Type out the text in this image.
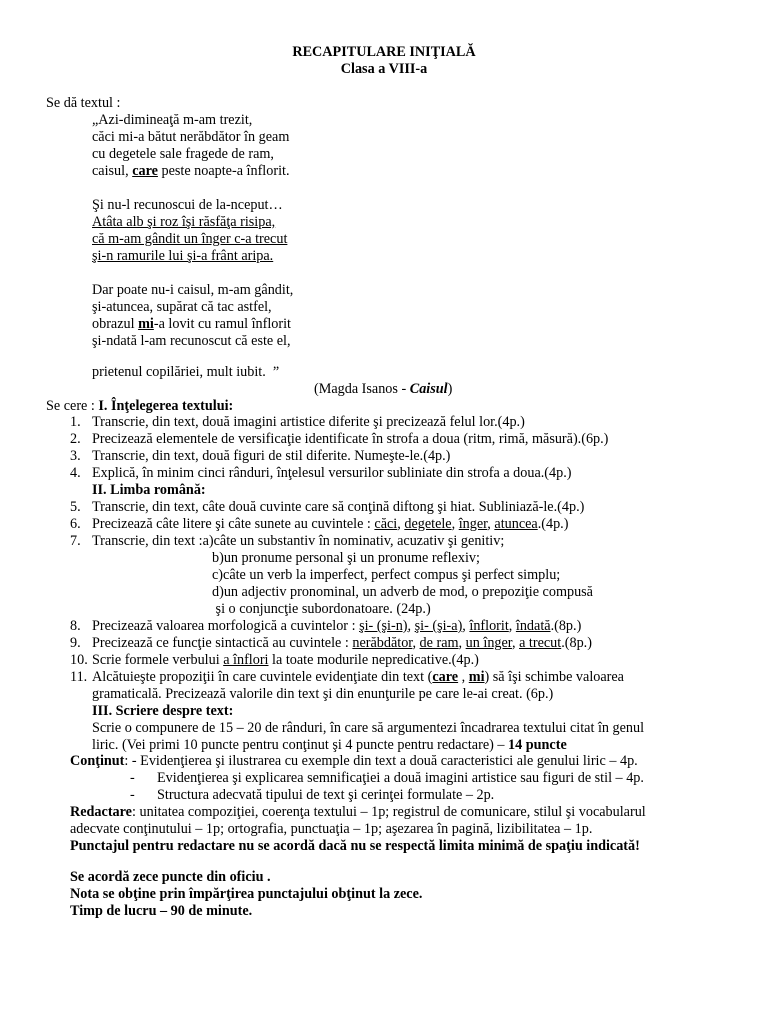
RECAPITULARE INIŢIALĂ
Clasa a VIII-a
Se dă textul :
„Azi-dimineaţă m-am trezit,
căci mi-a bătut nerăbdător în geam
cu degetele sale fragede de ram,
caisul, care peste noapte-a înflorit.
Şi nu-l recunoscui de la-nceput…
Atâta alb şi roz îşi răsfăţa risipa,
că m-am gândit un înger c-a trecut
şi-n ramurile lui şi-a frânt aripa.
Dar poate nu-i caisul, m-am gândit,
şi-atuncea, supărat că tac astfel,
obrazul mi-a lovit cu ramul înflorit
şi-ndată l-am recunoscut că este el,
prietenul copilăriei, mult iubit.  ”
(Magda Isanos - Caisul)
Se cere : I. Înţelegerea textului:
1. Transcrie, din text, două imagini artistice diferite şi precizează felul lor.(4p.)
2. Precizează elementele de versificaţie identificate în strofa a doua (ritm, rimă, măsură).(6p.)
3. Transcrie, din text, două figuri de stil diferite. Numeşte-le.(4p.)
4. Explică, în minim cinci rânduri, înţelesul versurilor subliniate din strofa a doua.(4p.)
II. Limba română:
5. Transcrie, din text, câte două cuvinte care să conţină diftong şi hiat. Subliniază-le.(4p.)
6. Precizează câte litere şi câte sunete au cuvintele : căci, degetele, înger, atuncea.(4p.)
7. Transcrie, din text :a)câte un substantiv în nominativ, acuzativ şi genitiv;
b)un pronume personal şi un pronume reflexiv;
c)câte un verb la imperfect, perfect compus şi perfect simplu;
d)un adjectiv pronominal, un adverb de mod, o prepoziţie compusă
şi o conjuncţie subordonatoare. (24p.)
8. Precizează valoarea morfologică a cuvintelor : şi- (şi-n), şi- (şi-a), înflorit, îndată.(8p.)
9. Precizează ce funcţie sintactică au cuvintele : nerăbdător, de ram, un înger, a trecut.(8p.)
10. Scrie formele verbului a înflori la toate modurile nepredicative.(4p.)
11. Alcătuieşte propoziţii în care cuvintele evidenţiate din text (care , mi) să îşi schimbe valoarea
gramaticală. Precizează valorile din text şi din enunţurile pe care le-ai creat. (6p.)
III. Scriere despre text:
Scrie o compunere de 15 – 20 de rânduri, în care să argumentezi încadrarea textului citat în genul
liric. (Vei primi 10 puncte pentru conţinut şi 4 puncte pentru redactare) – 14 puncte
Conţinut: - Evidenţierea şi ilustrarea cu exemple din text a două caracteristici ale genului liric – 4p.
- Evidenţierea şi explicarea semnificaţiei a două imagini artistice sau figuri de stil – 4p.
- Structura adecvată tipului de text şi cerinţei formulate – 2p.
Redactare: unitatea compoziţiei, coerenţa textului – 1p; registrul de comunicare, stilul şi vocabularul
adecvate conţinutului – 1p; ortografia, punctuaţia – 1p; aşezarea în pagină, lizibilitatea – 1p.
Punctajul pentru redactare nu se acordă dacă nu se respectă limita minimă de spaţiu indicată!
Se acordă zece puncte din oficiu .
Nota se obţine prin împărţirea punctajului obţinut la zece.
Timp de lucru – 90 de minute.
